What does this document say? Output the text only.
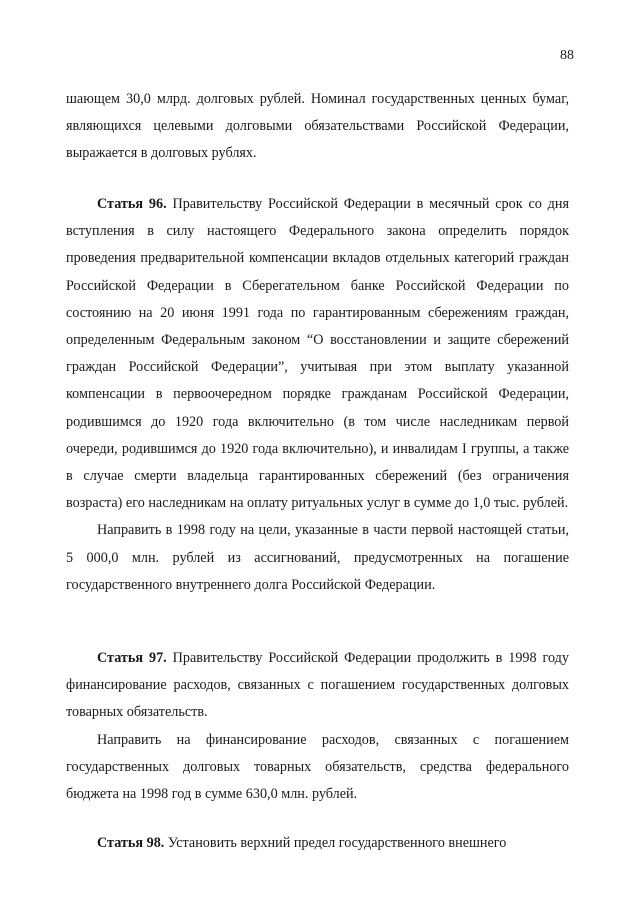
88

шающем 30,0 млрд. долговых рублей. Номинал государственных ценных бумаг, являющихся целевыми долговыми обязательствами Российской Федерации, выражается в долговых рублях.

Статья 96. Правительству Российской Федерации в месячный срок со дня вступления в силу настоящего Федерального закона определить порядок проведения предварительной компенсации вкладов отдельных категорий граждан Российской Федерации в Сберегательном банке Российской Федерации по состоянию на 20 июня 1991 года по гарантированным сбережениям граждан, определенным Федеральным законом “О восстановлении и защите сбережений граждан Российской Федерации”, учитывая при этом выплату указанной компенсации в первоочередном порядке гражданам Российской Федерации, родившимся до 1920 года включительно (в том числе наследникам первой очереди, родившимся до 1920 года включительно), и инвалидам I группы, а также в случае смерти владельца гарантированных сбережений (без ограничения возраста) его наследникам на оплату ритуальных услуг в сумме до 1,0 тыс. рублей.

Направить в 1998 году на цели, указанные в части первой настоящей статьи, 5 000,0 млн. рублей из ассигнований, предусмотренных на погашение государственного внутреннего долга Российской Федерации.

Статья 97. Правительству Российской Федерации продолжить в 1998 году финансирование расходов, связанных с погашением государственных долговых товарных обязательств.

Направить на финансирование расходов, связанных с погашением государственных долговых товарных обязательств, средства федерального бюджета на 1998 год в сумме 630,0 млн. рублей.

Статья 98. Установить верхний предел государственного внешнего
